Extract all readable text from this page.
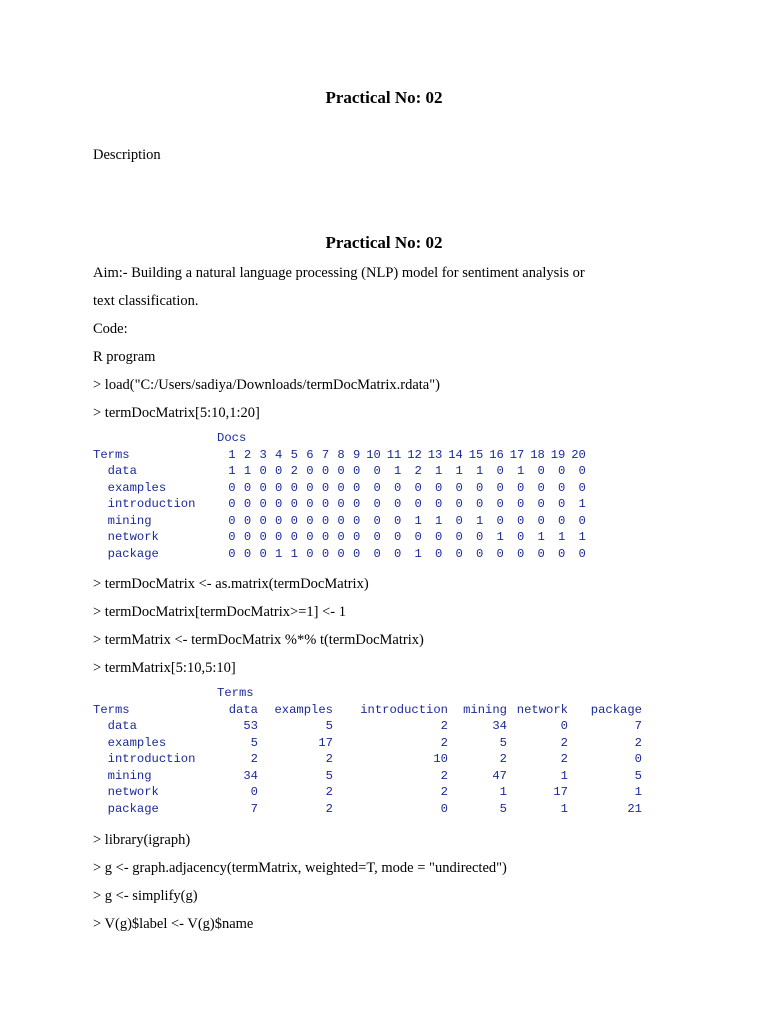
Practical No: 02

Description

Practical No: 02

Aim:- Building a natural language processing (NLP) model for sentiment analysis or

text classification.

Code:

R program

> load("C:/Users/sadiya/Downloads/termDocMatrix.rdata")

> termDocMatrix[5:10,1:20]

Docs
Terms	1 2 3 4 5 6 7 8 9 10 11 12 13 14 15 16 17 18 19 20
data	1 1 0 0 2 0 0 0 0 0 1 2 1 1 1 0 1 0 0 0
examples	0 0 0 0 0 0 0 0 0 0 0 0 0 0 0 0 0 0 0 0
introduction	0 0 0 0 0 0 0 0 0 0 0 0 0 0 0 0 0 0 0 1
mining	0 0 0 0 0 0 0 0 0 0 0 1 1 0 1 0 0 0 0 0
network	0 0 0 0 0 0 0 0 0 0 0 0 0 0 0 1 0 1 1 1
package	0 0 0 1 1 0 0 0 0 0 0 1 0 0 0 0 0 0 0 0

> termDocMatrix <- as.matrix(termDocMatrix)

> termDocMatrix[termDocMatrix>=1] <- 1

> termMatrix <- termDocMatrix %*% t(termDocMatrix)

> termMatrix[5:10,5:10]

Terms
Terms	data examples introduction mining network package
data	53	5	2	34	0	7
examples	5	17	2	5	2	2
introduction	2	2	10	2	2	0
mining	34	5	2	47	1	5
network	0	2	2	1	17	1
package	7	2	0	5	1	21

> library(igraph)

> g <- graph.adjacency(termMatrix, weighted=T, mode = "undirected")

> g <- simplify(g)

> V(g)$label <- V(g)$name
